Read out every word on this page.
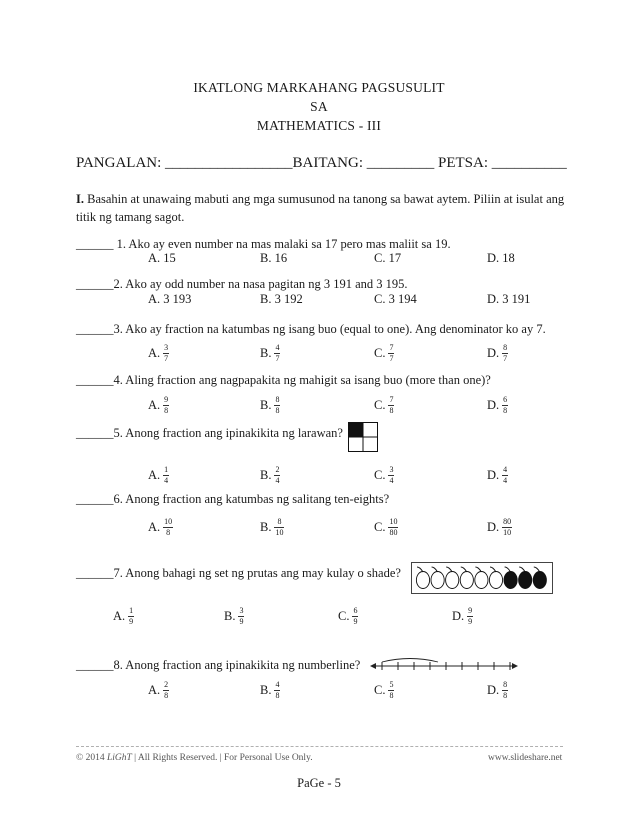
IKATLONG MARKAHANG PAGSUSULIT
SA
MATHEMATICS - III
PANGALAN: _________________BAITANG: _________ PETSA: __________
I. Basahin at unawaing mabuti ang mga sumusunod na tanong sa bawat aytem. Piliin at isulat ang titik ng tamang sagot.
______ 1. Ako ay even number na mas malaki sa 17 pero mas maliit sa 19.
A. 15	B. 16	C. 17	D. 18
______2. Ako ay odd number na nasa pagitan ng 3 191 and 3 195.
A. 3 193	B. 3 192	C. 3 194	D. 3 191
______3. Ako ay fraction na katumbas ng isang buo (equal to one). Ang denominator ko ay 7.
A. $\frac{3}{7}$	B. $\frac{4}{7}$	C. $\frac{7}{7}$	D. $\frac{8}{7}$
______4. Aling fraction ang nagpapakita ng mahigit sa isang buo (more than one)?
A. $\frac{9}{8}$	B. $\frac{8}{8}$	C. $\frac{7}{8}$	D. $\frac{6}{8}$
______5. Anong fraction ang ipinakikita ng larawan?
A. $\frac{1}{4}$	B. $\frac{2}{4}$	C. $\frac{3}{4}$	D. $\frac{4}{4}$
______6. Anong fraction ang katumbas ng salitang ten-eights?
A. $\frac{10}{8}$	B. $\frac{8}{10}$	C. $\frac{10}{80}$	D. $\frac{80}{10}$
______7. Anong bahagi ng set ng prutas ang may kulay o shade?
A. $\frac{1}{9}$	B. $\frac{3}{9}$	C. $\frac{6}{9}$	D. $\frac{9}{9}$
______8. Anong fraction ang ipinakikita ng numberline?
A. $\frac{2}{8}$	B. $\frac{4}{8}$	C. $\frac{5}{8}$	D. $\frac{8}{8}$
© 2014 LiGhT | All Rights Reserved. | For Personal Use Only.	www.slideshare.net
PaGe - 5
